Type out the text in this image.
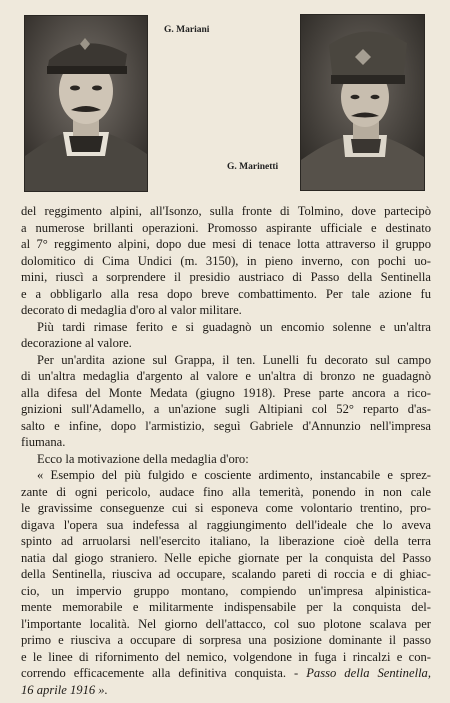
G. Mariani
G. Marinetti

del reggimento alpini, all'Isonzo, sulla fronte di Tolmino, dove partecipò
a numerose brillanti operazioni. Promosso aspirante ufficiale e destinato
al 7° reggimento alpini, dopo due mesi di tenace lotta attraverso il gruppo
dolomitico di Cima Undici (m. 3150), in pieno inverno, con pochi uo-
mini, riuscì a sorprendere il presidio austriaco di Passo della Sentinella
e a obbligarlo alla resa dopo breve combattimento. Per tale azione fu
decorato di medaglia d'oro al valor militare.

Più tardi rimase ferito e si guadagnò un encomio solenne e un'altra
decorazione al valore.

Per un'ardita azione sul Grappa, il ten. Lunelli fu decorato sul campo
di un'altra medaglia d'argento al valore e un'altra di bronzo ne guadagnò
alla difesa del Monte Medata (giugno 1918). Prese parte ancora a rico-
gnizioni sull'Adamello, a un'azione sugli Altipiani col 52° reparto d'as-
salto e infine, dopo l'armistizio, seguì Gabriele d'Annunzio nell'impresa
fiumana.

Ecco la motivazione della medaglia d'oro:

« Esempio del più fulgido e cosciente ardimento, instancabile e sprez-
zante di ogni pericolo, audace fino alla temerità, ponendo in non cale
le gravissime conseguenze cui si esponeva come volontario trentino, pro-
digava l'opera sua indefessa al raggiungimento dell'ideale che lo aveva
spinto ad arruolarsi nell'esercito italiano, la liberazione cioè della terra
natia dal giogo straniero. Nelle epiche giornate per la conquista del Passo
della Sentinella, riusciva ad occupare, scalando pareti di roccia e di ghiac-
cio, un impervio gruppo montano, compiendo un'impresa alpinistica-
mente memorabile e militarmente indispensabile per la conquista del-
l'importante località. Nel giorno dell'attacco, col suo plotone scalava per
primo e riusciva a occupare di sorpresa una posizione dominante il passo
e le linee di rifornimento del nemico, volgendone in fuga i rincalzi e con-
correndo efficacemente alla definitiva conquista. - Passo della Sentinella,
16 aprile 1916 ».
